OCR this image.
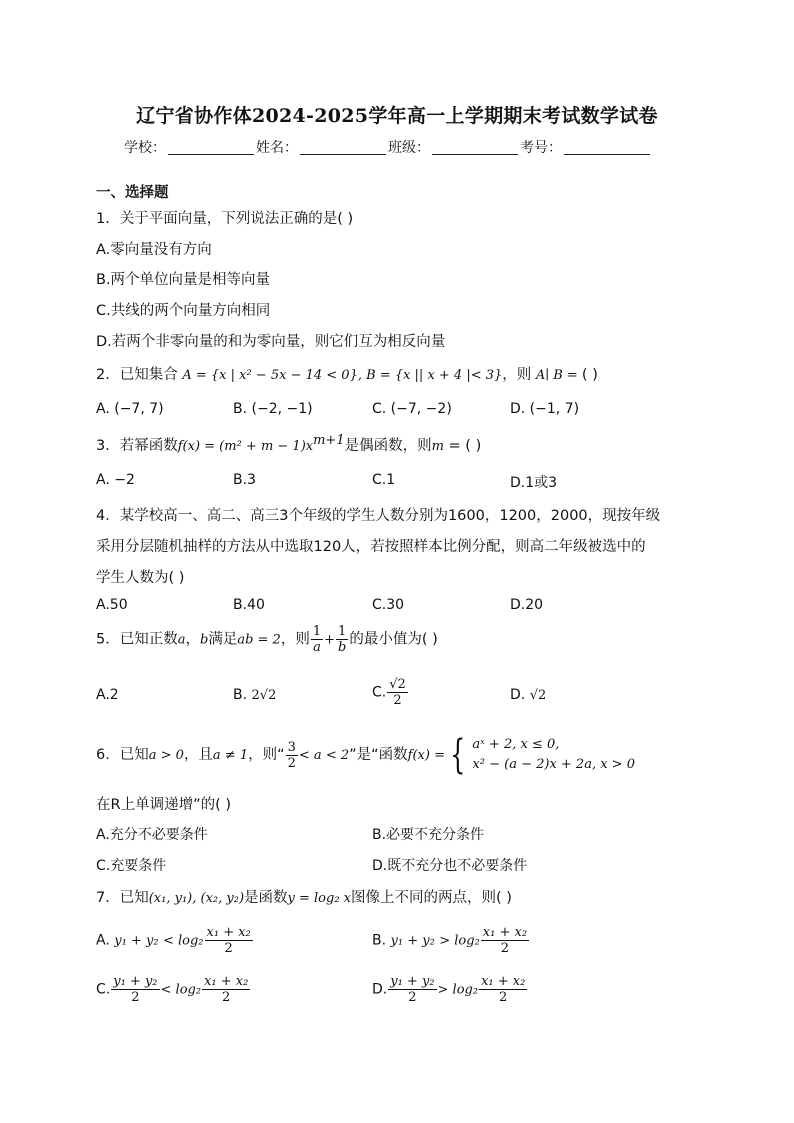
辽宁省协作体2024-2025学年高一上学期期末考试数学试卷
学校：	姓名：	班级：	考号：
一、选择题
1．关于平面向量，下列说法正确的是( )
A.零向量没有方向
B.两个单位向量是相等向量
C.共线的两个向量方向相同
D.若两个非零向量的和为零向量，则它们互为相反向量
2．已知集合 A = {x | x² − 5x − 14 < 0}, B = {x || x + 4 |< 3}，则 A∣ B = ( )
A. (−7, 7)	B. (−2, −1)	C. (−7, −2)	D. (−1, 7)
3．若幂函数$f(x) = (m^2 + m - 1)x^{m+1}$是偶函数，则m = ( )
A. −2	B.3	C.1	D.1或3
4．某学校高一、高二、高三3个年级的学生人数分别为1600，1200，2000，现按年级
采用分层随机抽样的方法从中选取120人，若按照样本比例分配，则高二年级被选中的
学生人数为( )
A.50	B.40	C.30	D.20
5．已知正数a，b满足ab = 2，则 $\frac{1}{a} + \frac{1}{b}$ 的最小值为( )
A.2	B. 2√2	C. $\frac{√2}{2}$	D. √2
6．已知a > 0，且a ≠ 1，则“ $\frac{3}{2} < a < 2$”是“函数f(x) = { aˣ + 2, x ≤ 0,
x² − (a − 2)x + 2a, x > 0
在R上单调递增”的( )
A.充分不必要条件	B.必要不充分条件
C.充要条件	D.既不充分也不必要条件
7．已知(x₁, y₁), (x₂, y₂)是函数y = log₂ x图像上不同的两点，则( )
A. $y_1 + y_2 < \log_2 \frac{\text{x₁ + x₂}}{2}$	B. $y_1 + y_2 > \log_2 \frac{\text{x₁ + x₂}}{2}$
C. $\frac{\text{y₁ + y₂}}{2} < \log_2 \frac{\text{x₁ + x₂}}{2}$	D. $\frac{\text{y₁ + y₂}}{2} > \log_2 \frac{\text{x₁ + x₂}}{2}$
